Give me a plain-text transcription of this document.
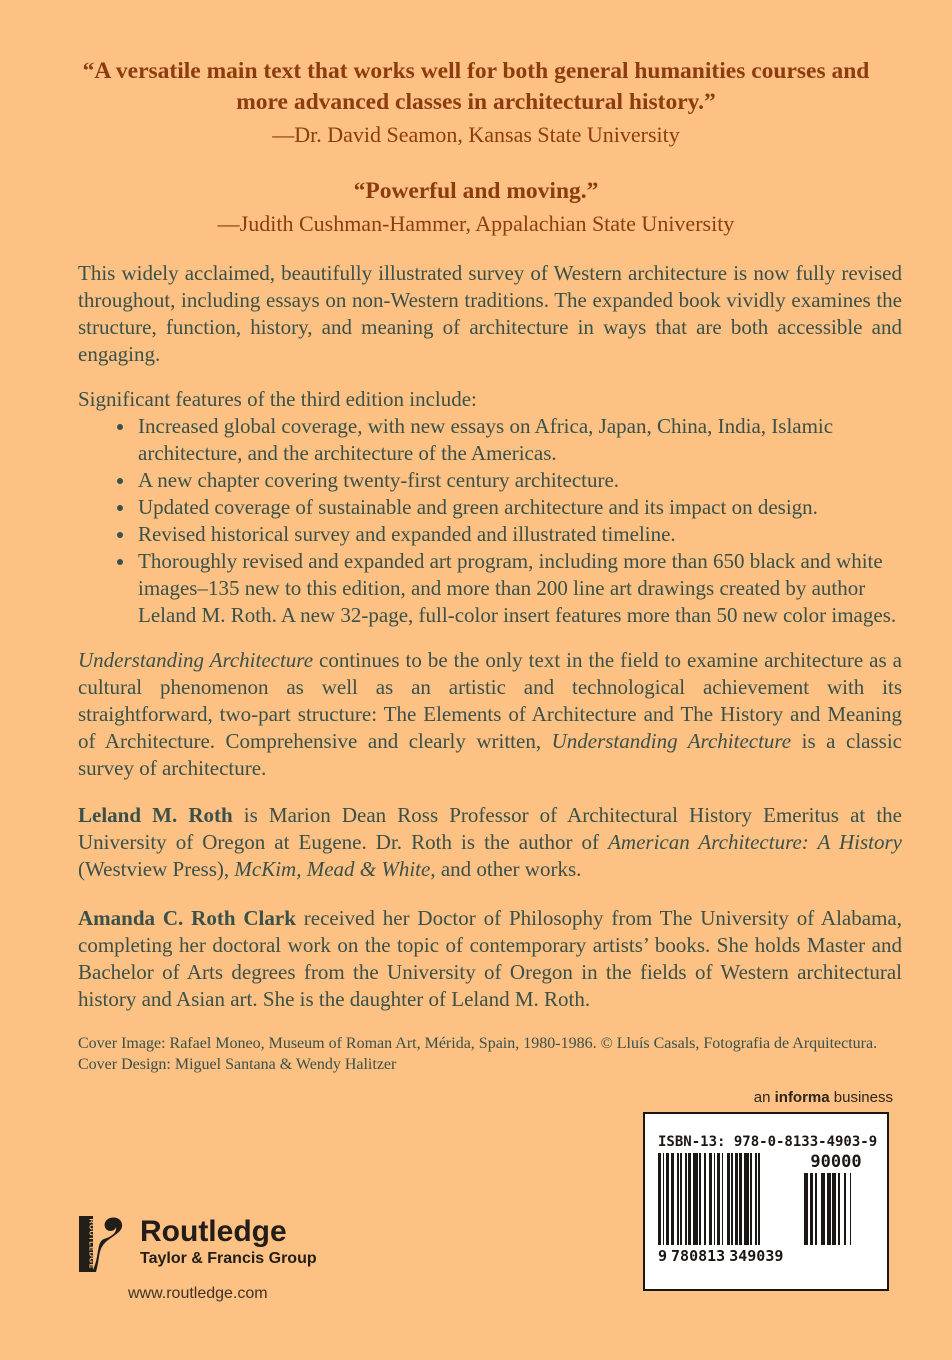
“A versatile main text that works well for both general humanities courses and more advanced classes in architectural history.”
—Dr. David Seamon, Kansas State University
“Powerful and moving.”
—Judith Cushman-Hammer, Appalachian State University

This widely acclaimed, beautifully illustrated survey of Western architecture is now fully revised throughout, including essays on non-Western traditions. The expanded book vividly examines the structure, function, history, and meaning of architecture in ways that are both accessible and engaging.

Significant features of the third edition include:

• Increased global coverage, with new essays on Africa, Japan, China, India, Islamic architecture, and the architecture of the Americas.
• A new chapter covering twenty-first century architecture.
• Updated coverage of sustainable and green architecture and its impact on design.
• Revised historical survey and expanded and illustrated timeline.
• Thoroughly revised and expanded art program, including more than 650 black and white images–135 new to this edition, and more than 200 line art drawings created by author Leland M. Roth. A new 32-page, full-color insert features more than 50 new color images.

Understanding Architecture continues to be the only text in the field to examine architecture as a cultural phenomenon as well as an artistic and technological achievement with its straightforward, two-part structure: The Elements of Architecture and The History and Meaning of Architecture. Comprehensive and clearly written, Understanding Architecture is a classic survey of architecture.

Leland M. Roth is Marion Dean Ross Professor of Architectural History Emeritus at the University of Oregon at Eugene. Dr. Roth is the author of American Architecture: A History (Westview Press), McKim, Mead & White, and other works.

Amanda C. Roth Clark received her Doctor of Philosophy from The University of Alabama, completing her doctoral work on the topic of contemporary artists’ books. She holds Master and Bachelor of Arts degrees from the University of Oregon in the fields of Western architectural history and Asian art. She is the daughter of Leland M. Roth.

Cover Image: Rafael Moneo, Museum of Roman Art, Mérida, Spain, 1980-1986. © Lluís Casals, Fotografia de Arquitectura.
Cover Design: Miguel Santana & Wendy Halitzer
an informa business
ISBN-13: 978-0-8133-4903-9
9 780813 349039
90000
ROUTLEDGE Routledge
Taylor & Francis Group
www.routledge.com
